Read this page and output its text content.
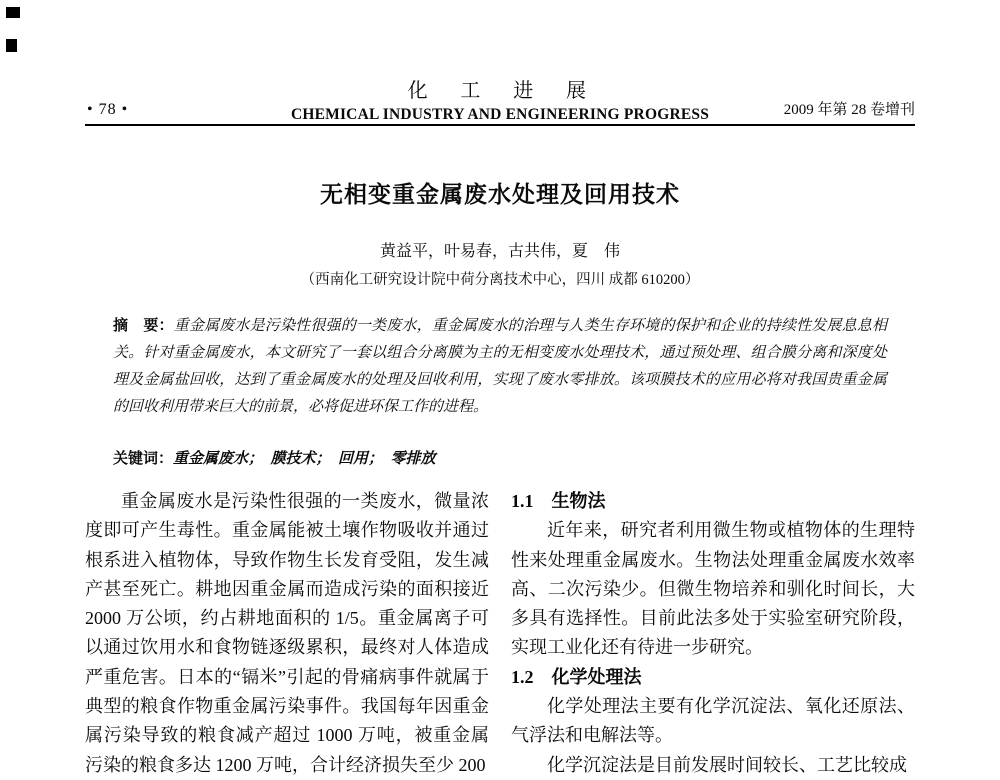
• 78 •
化　工　进　展
CHEMICAL INDUSTRY AND ENGINEERING PROGRESS	2009 年第 28 卷增刊
无相变重金属废水处理及回用技术
黄益平，叶易春，古共伟，夏　伟
（西南化工研究设计院中荷分离技术中心，四川 成都 610200）

摘　要：重金属废水是污染性很强的一类废水，重金属废水的治理与人类生存环境的保护和企业的持续性发展息息相关。针对重金属废水，本文研究了一套以组合分离膜为主的无相变废水处理技术，通过预处理、组合膜分离和深度处理及金属盐回收，达到了重金属废水的处理及回收利用，实现了废水零排放。该项膜技术的应用必将对我国贵重金属的回收利用带来巨大的前景，必将促进环保工作的进程。

关键词：重金属废水；　膜技术；　回用；　零排放

重金属废水是污染性很强的一类废水，微量浓度即可产生毒性。重金属能被土壤作物吸收并通过根系进入植物体，导致作物生长发育受阻，发生减产甚至死亡。耕地因重金属而造成污染的面积接近 2000 万公顷，约占耕地面积的 1/5。重金属离子可以通过饮用水和食物链逐级累积，最终对人体造成严重危害。日本的“镉米”引起的骨痛病事件就属于典型的粮食作物重金属污染事件。我国每年因重金属污染导致的粮食减产超过 1000 万吨，被重金属污染的粮食多达 1200 万吨，合计经济损失至少 200

1.1　生物法

近年来，研究者利用微生物或植物体的生理特性来处理重金属废水。生物法处理重金属废水效率高、二次污染少。但微生物培养和驯化时间长，大多具有选择性。目前此法多处于实验室研究阶段，实现工业化还有待进一步研究。

1.2　化学处理法

化学处理法主要有化学沉淀法、氧化还原法、气浮法和电解法等。

化学沉淀法是目前发展时间较长、工艺比较成
